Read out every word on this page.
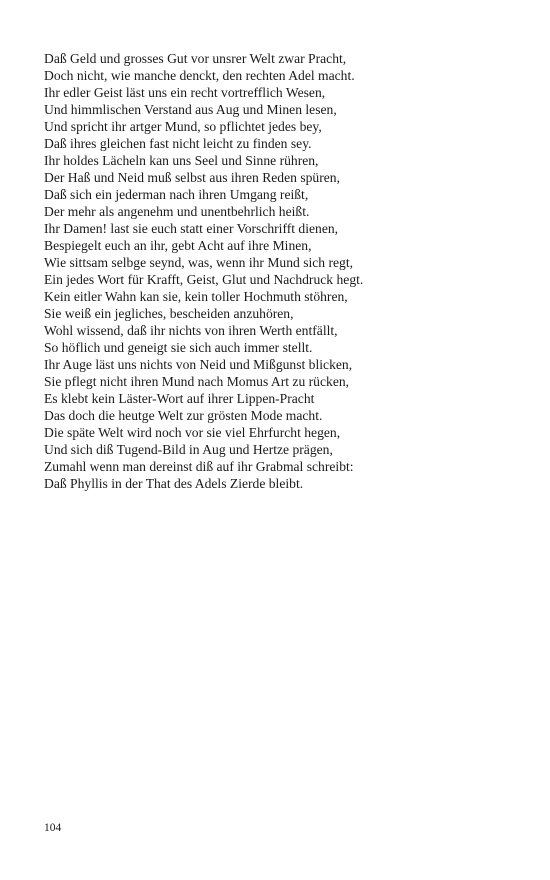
Daß Geld und grosses Gut vor unsrer Welt zwar Pracht,
Doch nicht, wie manche denckt, den rechten Adel macht.
Ihr edler Geist läst uns ein recht vortrefflich Wesen,
Und himmlischen Verstand aus Aug und Minen lesen,
Und spricht ihr artger Mund, so pflichtet jedes bey,
Daß ihres gleichen fast nicht leicht zu finden sey.
Ihr holdes Lächeln kan uns Seel und Sinne rühren,
Der Haß und Neid muß selbst aus ihren Reden spüren,
Daß sich ein jederman nach ihren Umgang reißt,
Der mehr als angenehm und unentbehrlich heißt.
Ihr Damen! last sie euch statt einer Vorschrifft dienen,
Bespiegelt euch an ihr, gebt Acht auf ihre Minen,
Wie sittsam selbge seynd, was, wenn ihr Mund sich regt,
Ein jedes Wort für Krafft, Geist, Glut und Nachdruck hegt.
Kein eitler Wahn kan sie, kein toller Hochmuth stöhren,
Sie weiß ein jegliches, bescheiden anzuhören,
Wohl wissend, daß ihr nichts von ihren Werth entfällt,
So höflich und geneigt sie sich auch immer stellt.
Ihr Auge läst uns nichts von Neid und Mißgunst blicken,
Sie pflegt nicht ihren Mund nach Momus Art zu rücken,
Es klebt kein Läster-Wort auf ihrer Lippen-Pracht
Das doch die heutge Welt zur grösten Mode macht.
Die späte Welt wird noch vor sie viel Ehrfurcht hegen,
Und sich diß Tugend-Bild in Aug und Hertze prägen,
Zumahl wenn man dereinst diß auf ihr Grabmal schreibt:
Daß Phyllis in der That des Adels Zierde bleibt.
104
